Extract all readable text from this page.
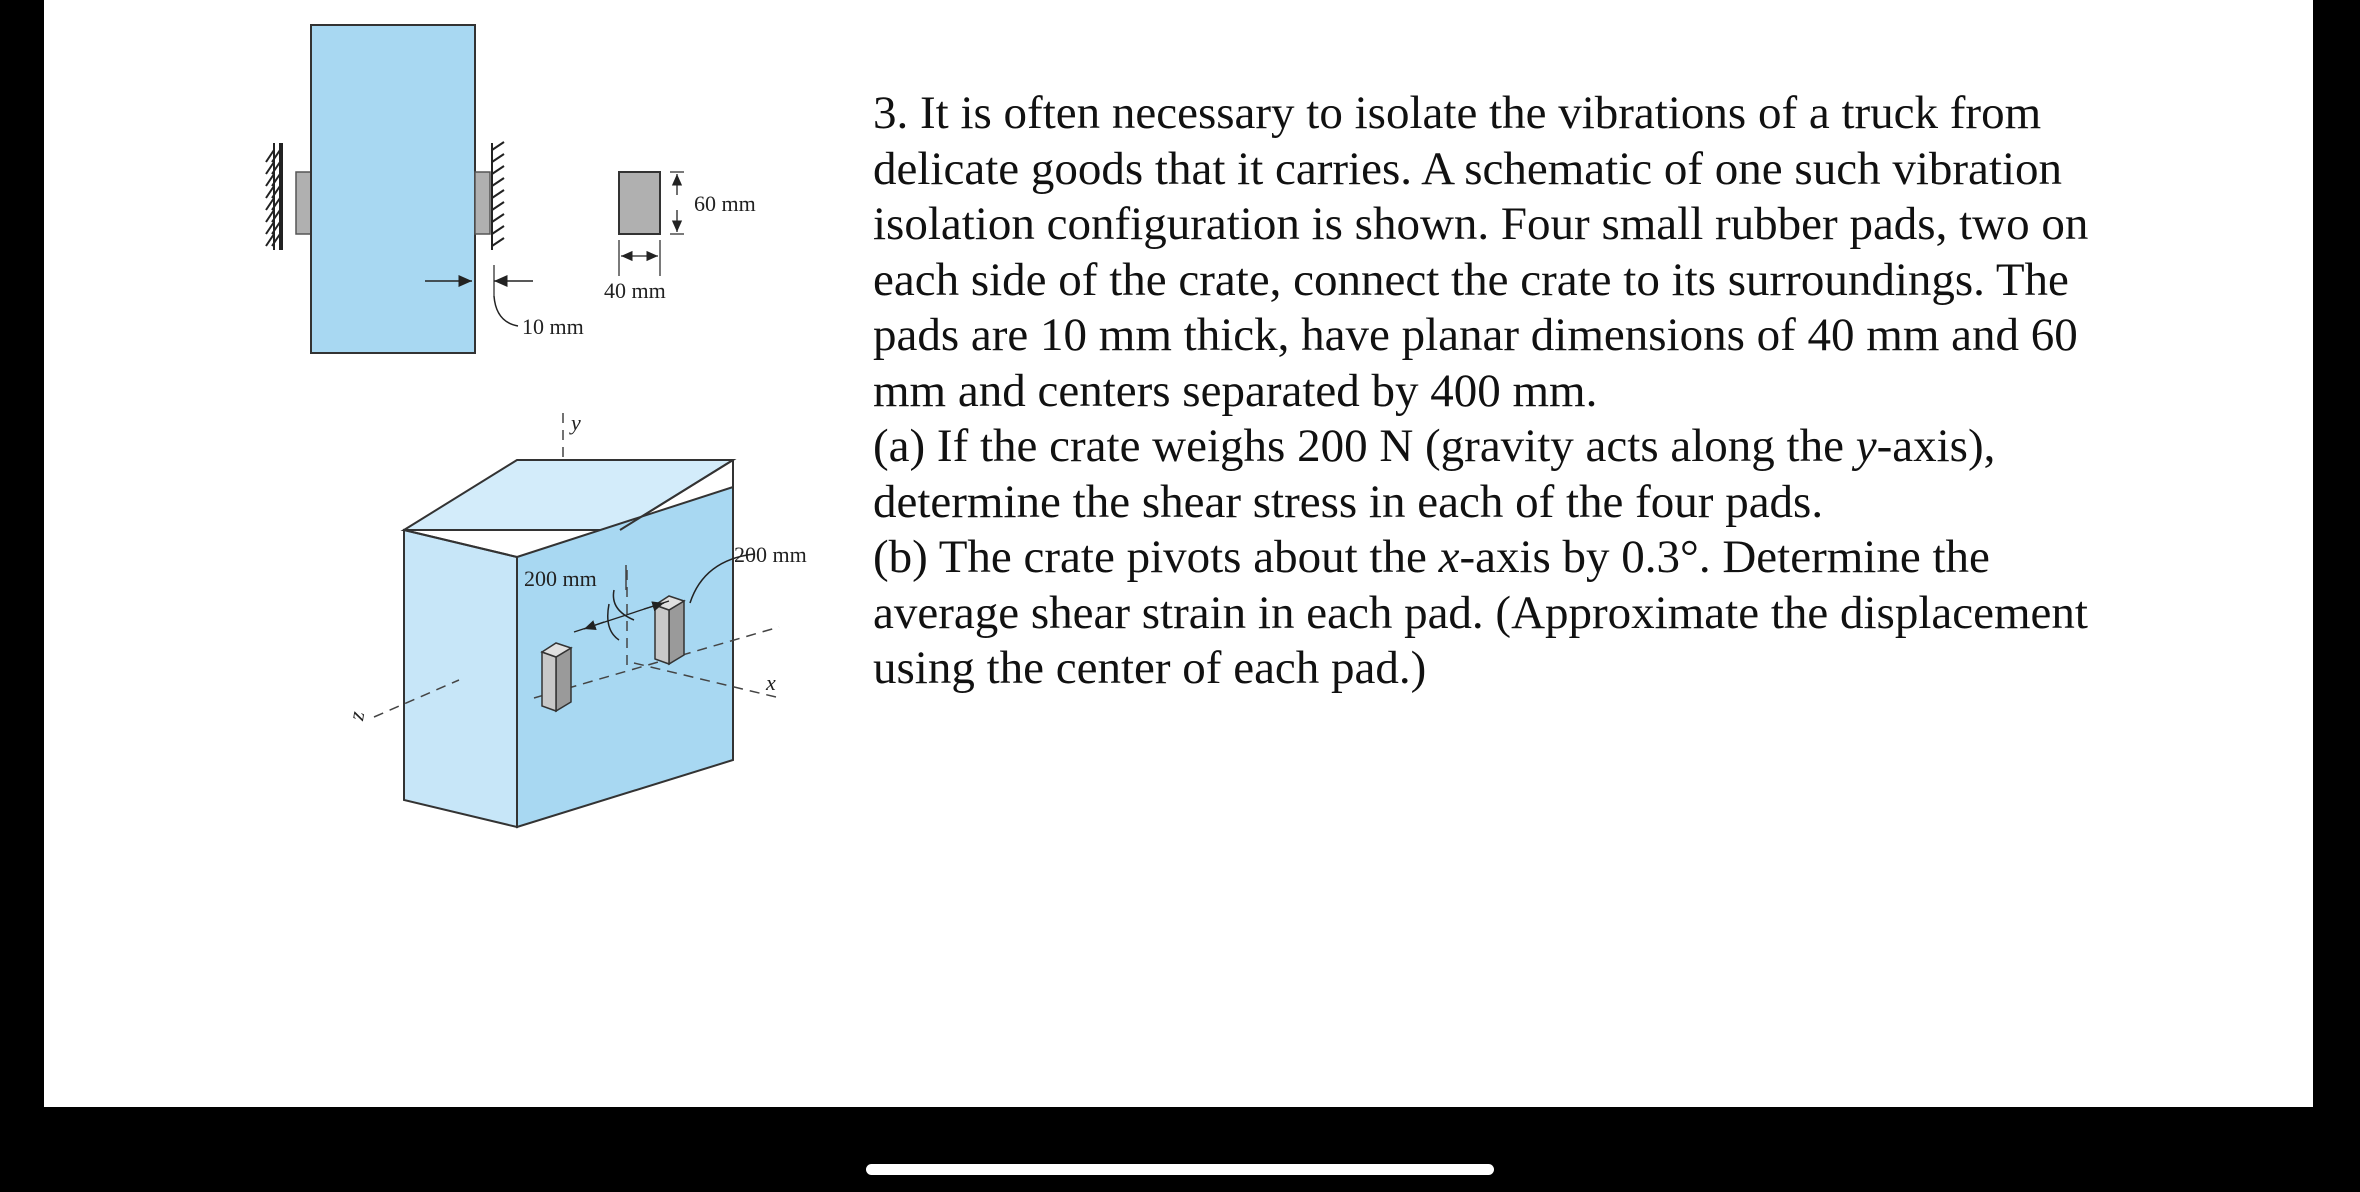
10 mm
60 mm
40 mm
y
z
x
200 mm
200 mm

3. It is often necessary to isolate the vibrations of a truck from delicate goods that it carries. A schematic of one such vibration isolation configuration is shown. Four small rubber pads, two on each side of the crate, connect the crate to its surroundings. The pads are 10 mm thick, have planar dimensions of 40 mm and 60 mm and centers separated by 400 mm.

(a) If the crate weighs 200 N (gravity acts along the y-axis), determine the shear stress in each of the four pads.

(b) The crate pivots about the x-axis by 0.3°. Determine the average shear strain in each pad. (Approximate the displacement using the center of each pad.)
